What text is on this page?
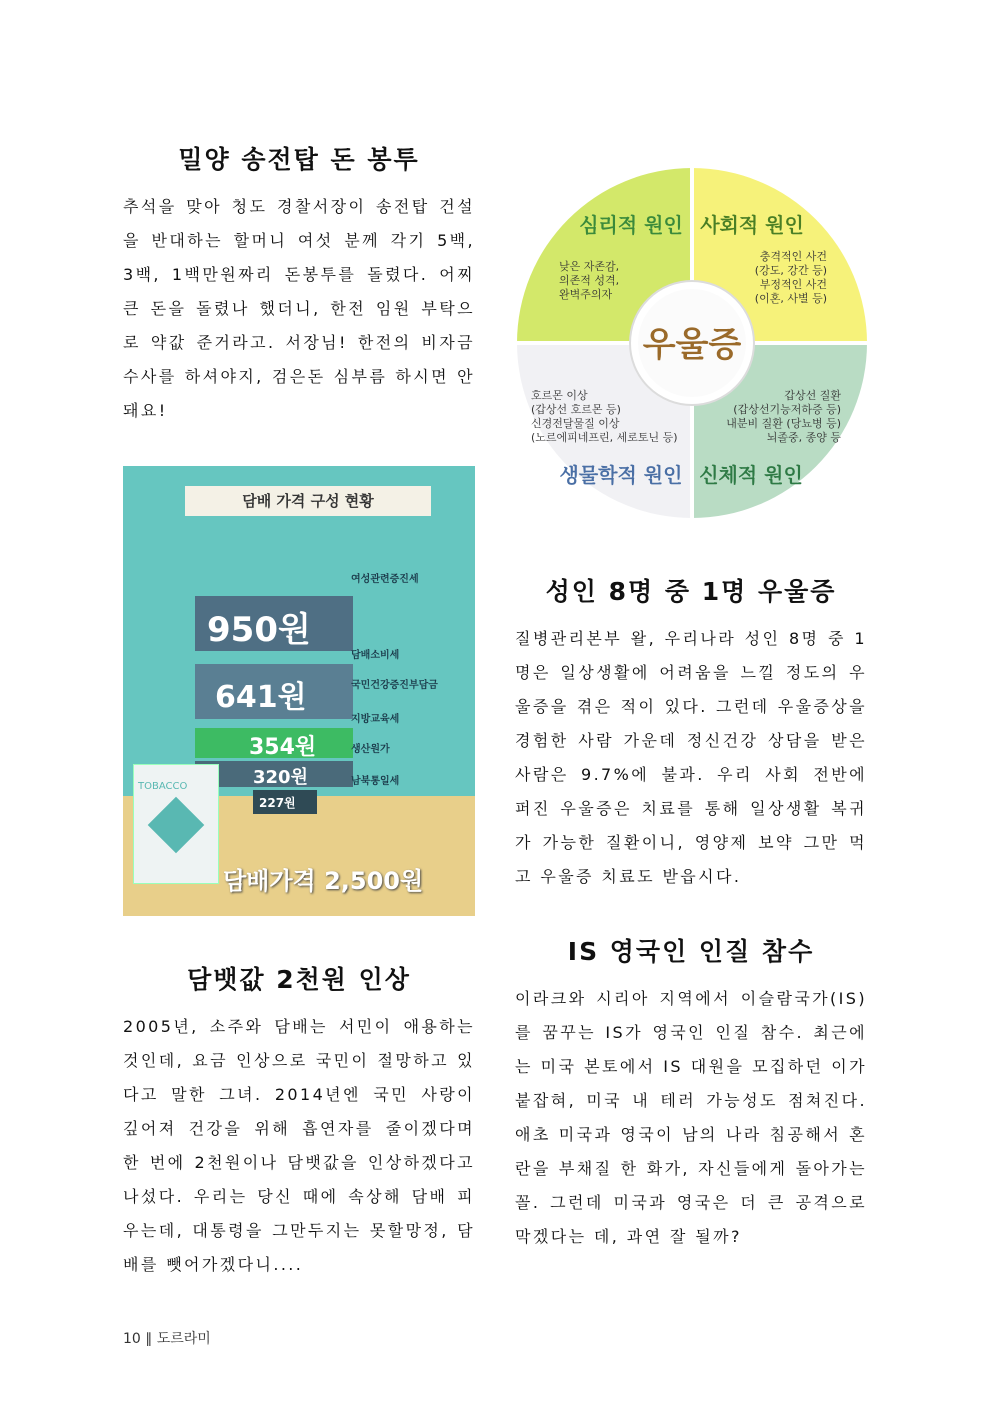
밀양 송전탑 돈 봉투

추석을 맞아 청도 경찰서장이 송전탑 건설을 반대하는 할머니 여섯 분께 각기 5백, 3백, 1백만원짜리 돈봉투를 돌렸다. 어찌 큰 돈을 돌렸나 했더니, 한전 임원 부탁으로 약값 준거라고. 서장님! 한전의 비자금 수사를 하셔야지, 검은돈 심부름 하시면 안돼요!

우울증
심리적 원인 사회적 원인
생물학적 원인 신체적 원인
낮은 자존감,
의존적 성격,
완벽주의자
충격적인 사건
(강도, 강간 등)
부정적인 사건
(이혼, 사별 등)
호르몬 이상
(갑상선 호르몬 등)
신경전달물질 이상
(노르에피네프린, 세로토닌 등)
갑상선 질환
(갑상선기능저하증 등)
내분비 질환 (당뇨병 등)
뇌졸중, 종양 등
담배 가격 구성 현황
950원
641원
354원
320원
227원
여성관련증진세
담배소비세
국민건강증진부담금
지방교육세
생산원가
남북통일세
TOBACCO
담배가격 2,500원
성인 8명 중 1명 우울증

질병관리본부 왈, 우리나라 성인 8명 중 1명은 일상생활에 어려움을 느낄 정도의 우울증을 겪은 적이 있다. 그런데 우울증상을 경험한 사람 가운데 정신건강 상담을 받은 사람은 9.7%에 불과. 우리 사회 전반에 퍼진 우울증은 치료를 통해 일상생활 복귀가 가능한 질환이니, 영양제 보약 그만 먹고 우울증 치료도 받읍시다.

담뱃값 2천원 인상

2005년, 소주와 담배는 서민이 애용하는 것인데, 요금 인상으로 국민이 절망하고 있다고 말한 그녀. 2014년엔 국민 사랑이 깊어져 건강을 위해 흡연자를 줄이겠다며 한 번에 2천원이나 담뱃값을 인상하겠다고 나섰다. 우리는 당신 때에 속상해 담배 피우는데, 대통령을 그만두지는 못할망정, 담배를 뺏어가겠다니....

IS 영국인 인질 참수

이라크와 시리아 지역에서 이슬람국가(IS)를 꿈꾸는 IS가 영국인 인질 참수. 최근에는 미국 본토에서 IS 대원을 모집하던 이가 붙잡혀, 미국 내 테러 가능성도 점쳐진다. 애초 미국과 영국이 남의 나라 침공해서 혼란을 부채질 한 화가, 자신들에게 돌아가는 꼴. 그런데 미국과 영국은 더 큰 공격으로 막겠다는 데, 과연 잘 될까?

10 ∥ 도르라미
